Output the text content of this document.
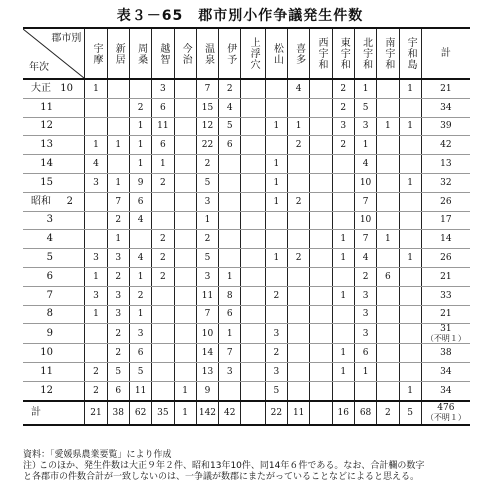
表３－65　郡市別小作争議発生件数
郡市別
年次	宇摩	新居	周桑	越智	今治	温泉	伊予	上浮穴	松山	喜多	西宇和	東宇和	北宇和	南宇和	宇和島	計
大正 10	1			3		7	2			4		2	1		1	21
11			2	6		15	4					2	5			34
12			1	11		12	5		1	1		3	3	1	1	39
13	1	1	1	6		22	6			2		2	1			42
14	4		1	1		2			1				4			13
15	3	1	9	2		5			1				10		1	32
昭和 2		7	6			3			1	2			7			26
3		2	4			1							10			17
4		1		2		2						1	7	1		14
5	3	3	4	2		5			1	2		1	4		1	26
6	1	2	1	2		3	1						2	6		21
7	3	3	2			11	8		2			1	3			33
8	1	3	1			7	6						3			21
9		2	3			10	1		3				3			31
（不明１）

10		2	6			14	7		2			1	6			38
11	2	5	5			13	3		3			1	1			34
12	2	6	11		1	9			5						1	34
計	21	38	62	35	1	142	42		22	11		16	68	2	5	476
（不明１）
資料：「愛媛県農業要覧」により作成
注）このほか、発生件数は大正９年２件、昭和13年10件、同14年６件である。なお、合計欄の数字
と各郡市の件数合計が一致しないのは、一争議が数郡にまたがっていることなどによると思える。
